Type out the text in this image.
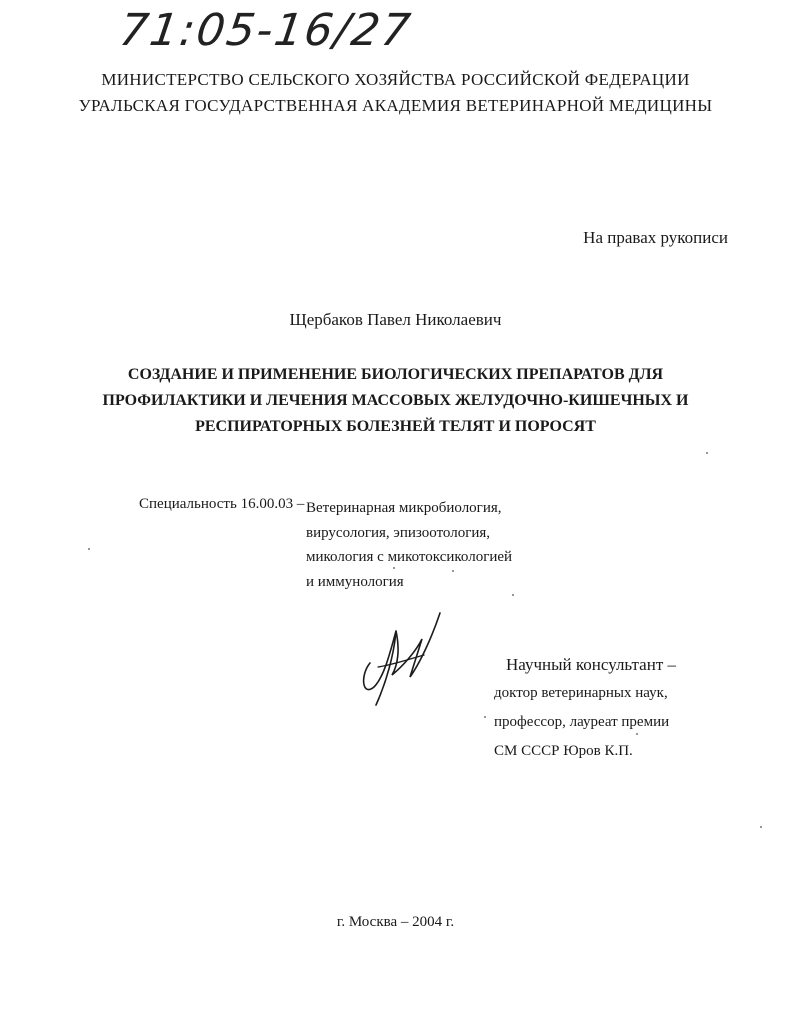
71:05-16/27
МИНИСТЕРСТВО СЕЛЬСКОГО ХОЗЯЙСТВА РОССИЙСКОЙ ФЕДЕРАЦИИ
УРАЛЬСКАЯ ГОСУДАРСТВЕННАЯ АКАДЕМИЯ ВЕТЕРИНАРНОЙ МЕДИЦИНЫ
На правах рукописи
Щербаков Павел Николаевич
СОЗДАНИЕ И ПРИМЕНЕНИЕ БИОЛОГИЧЕСКИХ ПРЕПАРАТОВ ДЛЯ
ПРОФИЛАКТИКИ И ЛЕЧЕНИЯ МАССОВЫХ ЖЕЛУДОЧНО-КИШЕЧНЫХ И
РЕСПИРАТОРНЫХ БОЛЕЗНЕЙ ТЕЛЯТ И ПОРОСЯТ
Специальность 16.00.03 – Ветеринарная микробиология,
вирусология, эпизоотология,
микология с микотоксикологией
и иммунология
Научный консультант –
доктор ветеринарных наук,
профессор, лауреат премии
СМ СССР Юров К.П.
г. Москва – 2004 г.
